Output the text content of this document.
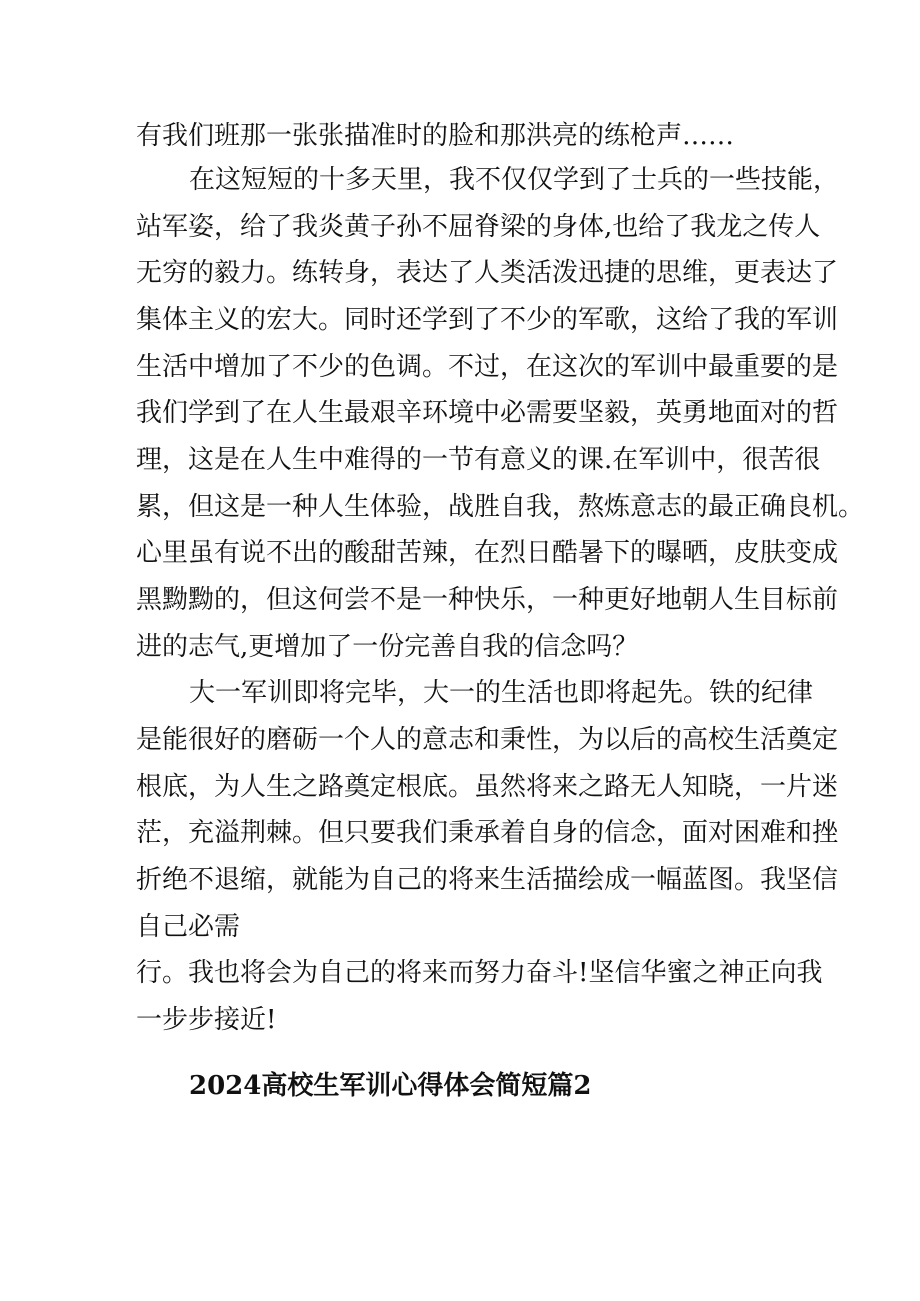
有我们班那一张张描准时的脸和那洪亮的练枪声……
在这短短的十多天里，我不仅仅学到了士兵的一些技能，
站军姿，给了我炎黄子孙不屈脊梁的身体,也给了我龙之传人
无穷的毅力。练转身，表达了人类活泼迅捷的思维，更表达了
集体主义的宏大。同时还学到了不少的军歌，这给了我的军训
生活中增加了不少的色调。不过，在这次的军训中最重要的是
我们学到了在人生最艰辛环境中必需要坚毅，英勇地面对的哲
理，这是在人生中难得的一节有意义的课.在军训中，很苦很
累，但这是一种人生体验，战胜自我，熬炼意志的最正确良机。
心里虽有说不出的酸甜苦辣，在烈日酷暑下的曝晒，皮肤变成
黑黝黝的，但这何尝不是一种快乐，一种更好地朝人生目标前
进的志气,更增加了一份完善自我的信念吗？
大一军训即将完毕，大一的生活也即将起先。铁的纪律
是能很好的磨砺一个人的意志和秉性，为以后的高校生活奠定
根底，为人生之路奠定根底。虽然将来之路无人知晓，一片迷
茫，充溢荆棘。但只要我们秉承着自身的信念，面对困难和挫
折绝不退缩，就能为自己的将来生活描绘成一幅蓝图。我坚信
自己必需
行。我也将会为自己的将来而努力奋斗!坚信华蜜之神正向我
一步步接近!
2024高校生军训心得体会简短篇2
